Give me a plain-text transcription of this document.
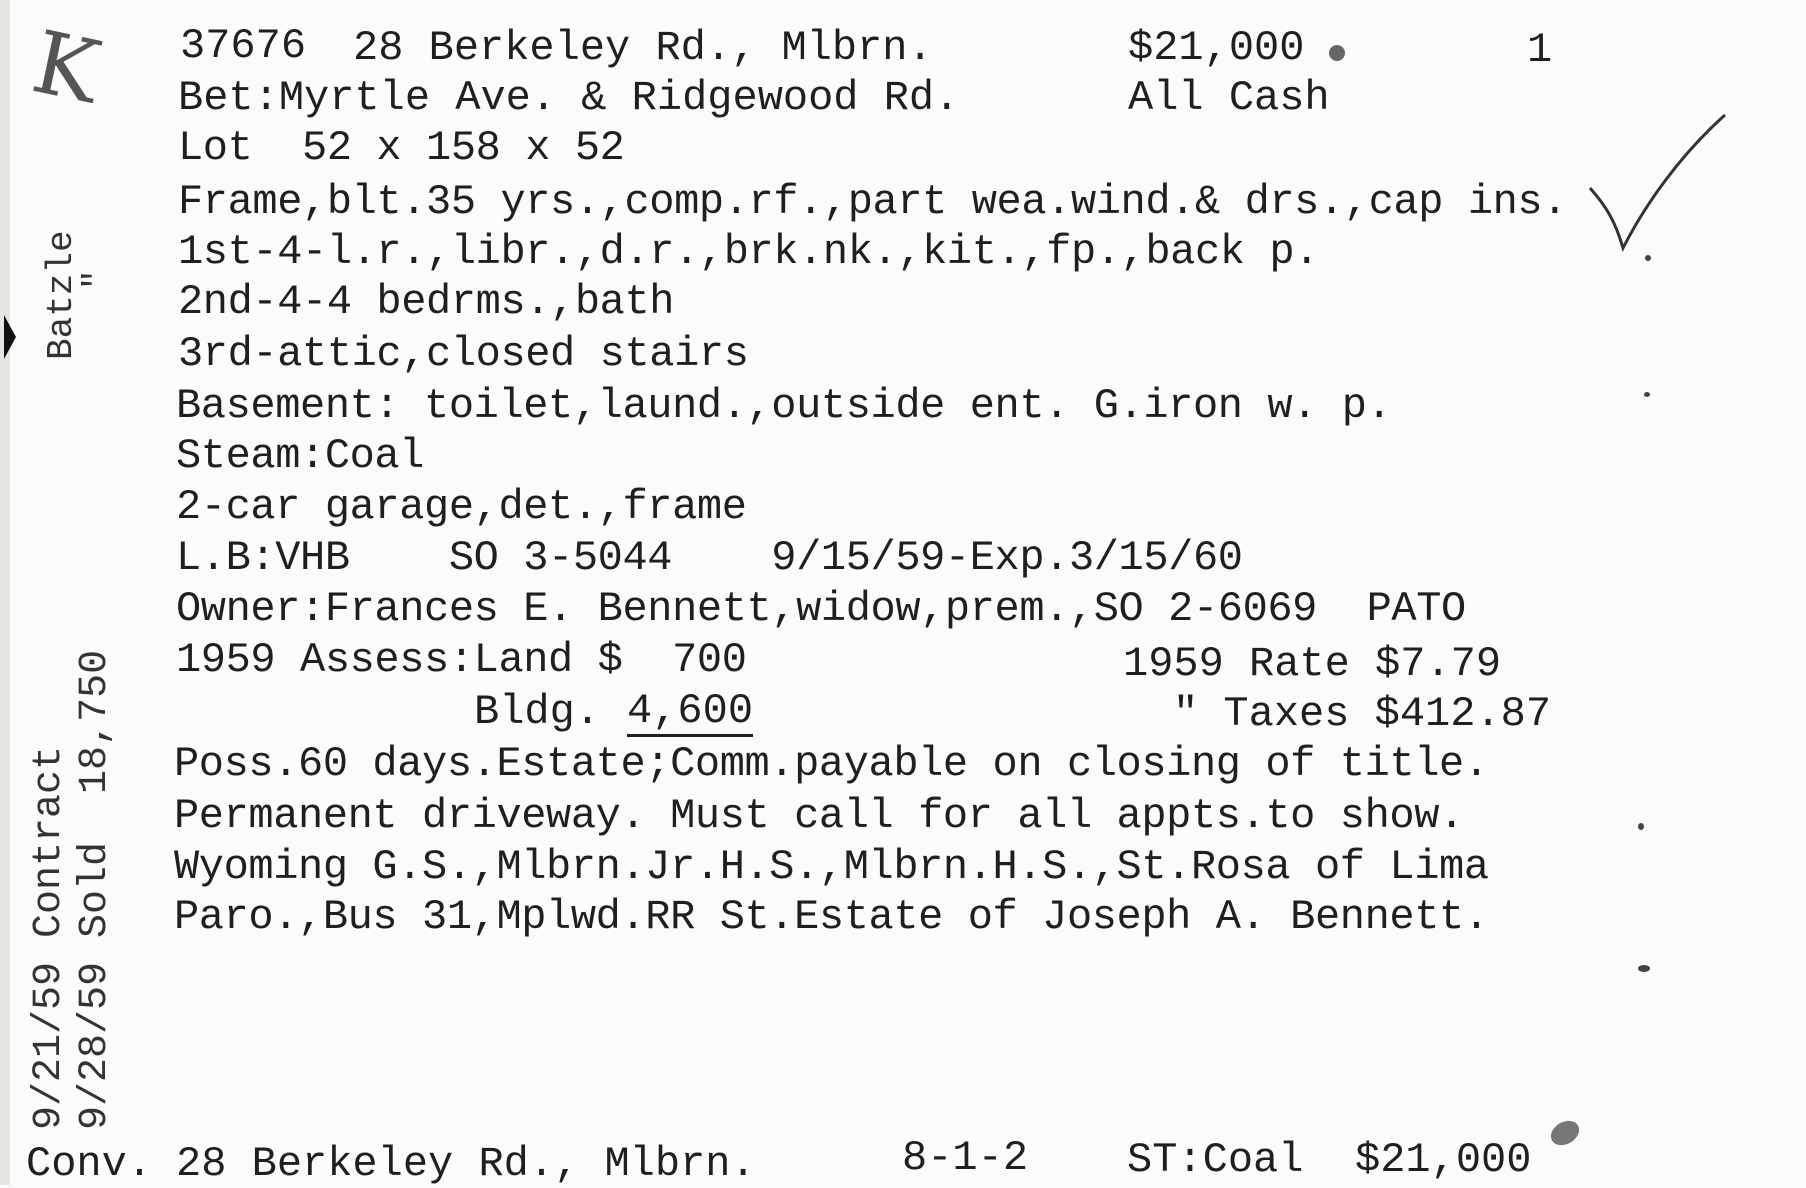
K
Batzle
"
9/21/59 Contract 9/28/59 Sold  18,750
37676 28 Berkeley Rd., Mlbrn.	$21,000	1
Bet:Myrtle Ave. & Ridgewood Rd.	All Cash
Lot  52 x 158 x 52
Frame,blt.35 yrs.,comp.rf.,part wea.wind.& drs.,cap ins.
1st-4-l.r.,libr.,d.r.,brk.nk.,kit.,fp.,back p.
2nd-4-4 bedrms.,bath
3rd-attic,closed stairs
Basement: toilet,laund.,outside ent. G.iron w. p.
Steam:Coal
2-car garage,det.,frame
L.B:VHB    SO 3-5044    9/15/59-Exp.3/15/60
Owner:Frances E. Bennett,widow,prem.,SO 2-6069  PATO
1959 Assess:Land $  700	1959 Rate $7.79
Bldg. 4,600	" Taxes $412.87
Poss.60 days.Estate;Comm.payable on closing of title.
Permanent driveway. Must call for all appts.to show.
Wyoming G.S.,Mlbrn.Jr.H.S.,Mlbrn.H.S.,St.Rosa of Lima
Paro.,Bus 31,Mplwd.RR St.Estate of Joseph A. Bennett.
Conv. 28 Berkeley Rd., Mlbrn.	8-1-2 ST:Coal $21,000
